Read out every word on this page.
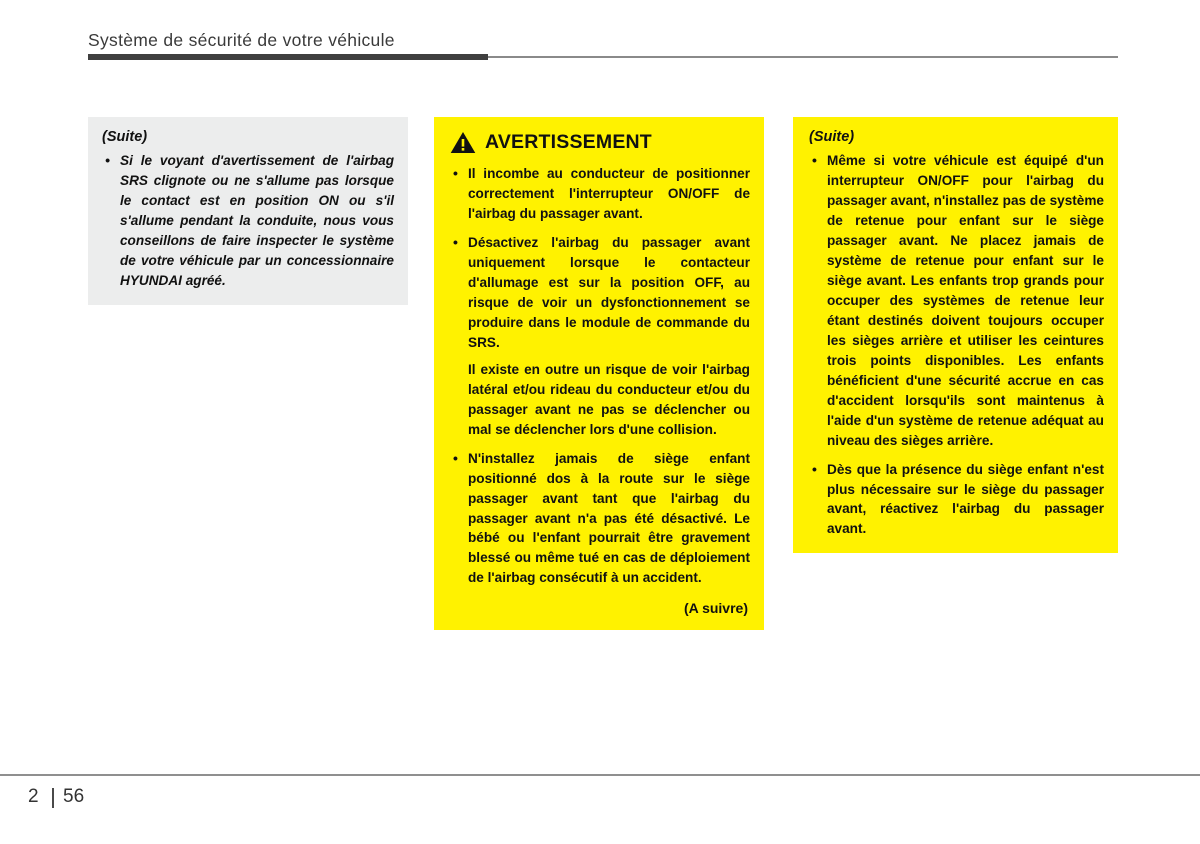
Système de sécurité de votre véhicule
(Suite)
• Si le voyant d'avertissement de l'airbag SRS clignote ou ne s'allume pas lorsque le contact est en position ON ou s'il s'allume pendant la conduite, nous vous conseillons de faire inspecter le système de votre véhicule par un concessionnaire HYUNDAI agréé.
AVERTISSEMENT
• Il incombe au conducteur de positionner correctement l'interrupteur ON/OFF de l'airbag du passager avant.
• Désactivez l'airbag du passager avant uniquement lorsque le contacteur d'allumage est sur la position OFF, au risque de voir un dysfonctionnement se produire dans le module de commande du SRS.
Il existe en outre un risque de voir l'airbag latéral et/ou rideau du conducteur et/ou du passager avant ne pas se déclencher ou mal se déclencher lors d'une collision.
• N'installez jamais de siège enfant positionné dos à la route sur le siège passager avant tant que l'airbag du passager avant n'a pas été désactivé. Le bébé ou l'enfant pourrait être gravement blessé ou même tué en cas de déploiement de l'airbag consécutif à un accident.
(A suivre)
(Suite)
• Même si votre véhicule est équipé d'un interrupteur ON/OFF pour l'airbag du passager avant, n'installez pas de système de retenue pour enfant sur le siège passager avant. Ne placez jamais de système de retenue pour enfant sur le siège avant. Les enfants trop grands pour occuper des systèmes de retenue leur étant destinés doivent toujours occuper les sièges arrière et utiliser les ceintures trois points disponibles. Les enfants bénéficient d'une sécurité accrue en cas d'accident lorsqu'ils sont maintenus à l'aide d'un système de retenue adéquat au niveau des sièges arrière.
• Dès que la présence du siège enfant n'est plus nécessaire sur le siège du passager avant, réactivez l'airbag du passager avant.
2 56
